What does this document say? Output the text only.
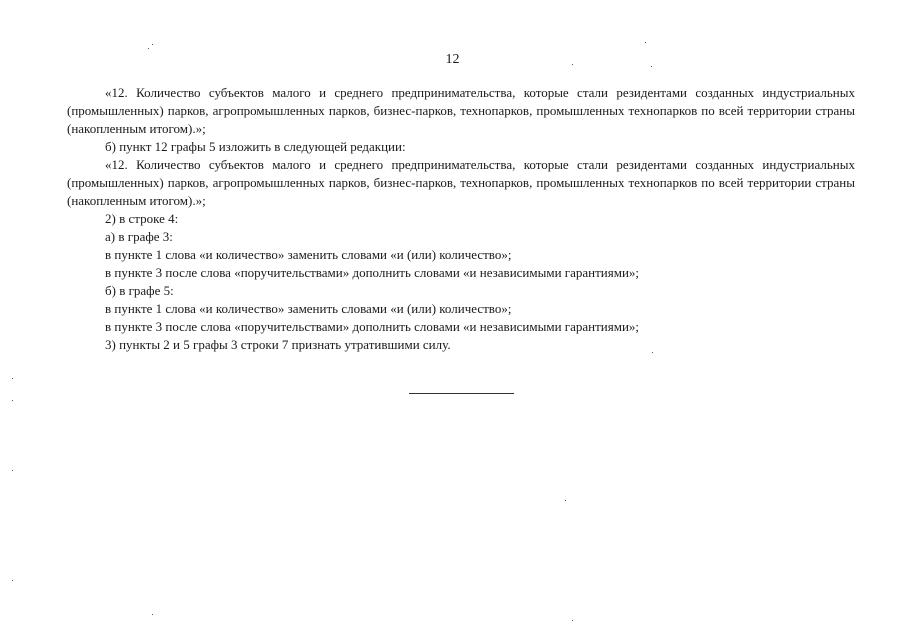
12

«12. Количество субъектов малого и среднего предпринимательства, которые стали резидентами созданных индустриальных (промышленных) парков, агропромышленных парков, бизнес-парков, технопарков, промышленных технопарков по всей территории страны (накопленным итогом).»;

б) пункт 12 графы 5 изложить в следующей редакции:

«12. Количество субъектов малого и среднего предпринимательства, которые стали резидентами созданных индустриальных (промышленных) парков, агропромышленных парков, бизнес-парков, технопарков, промышленных технопарков по всей территории страны (накопленным итогом).»;

2) в строке 4:

а) в графе 3:

в пункте 1 слова «и количество» заменить словами «и (или) количество»;

в пункте 3 после слова «поручительствами» дополнить словами «и независимыми гарантиями»;

б) в графе 5:

в пункте 1 слова «и количество» заменить словами «и (или) количество»;

в пункте 3 после слова «поручительствами» дополнить словами «и независимыми гарантиями»;

3) пункты 2 и 5 графы 3 строки 7 признать утратившими силу.
